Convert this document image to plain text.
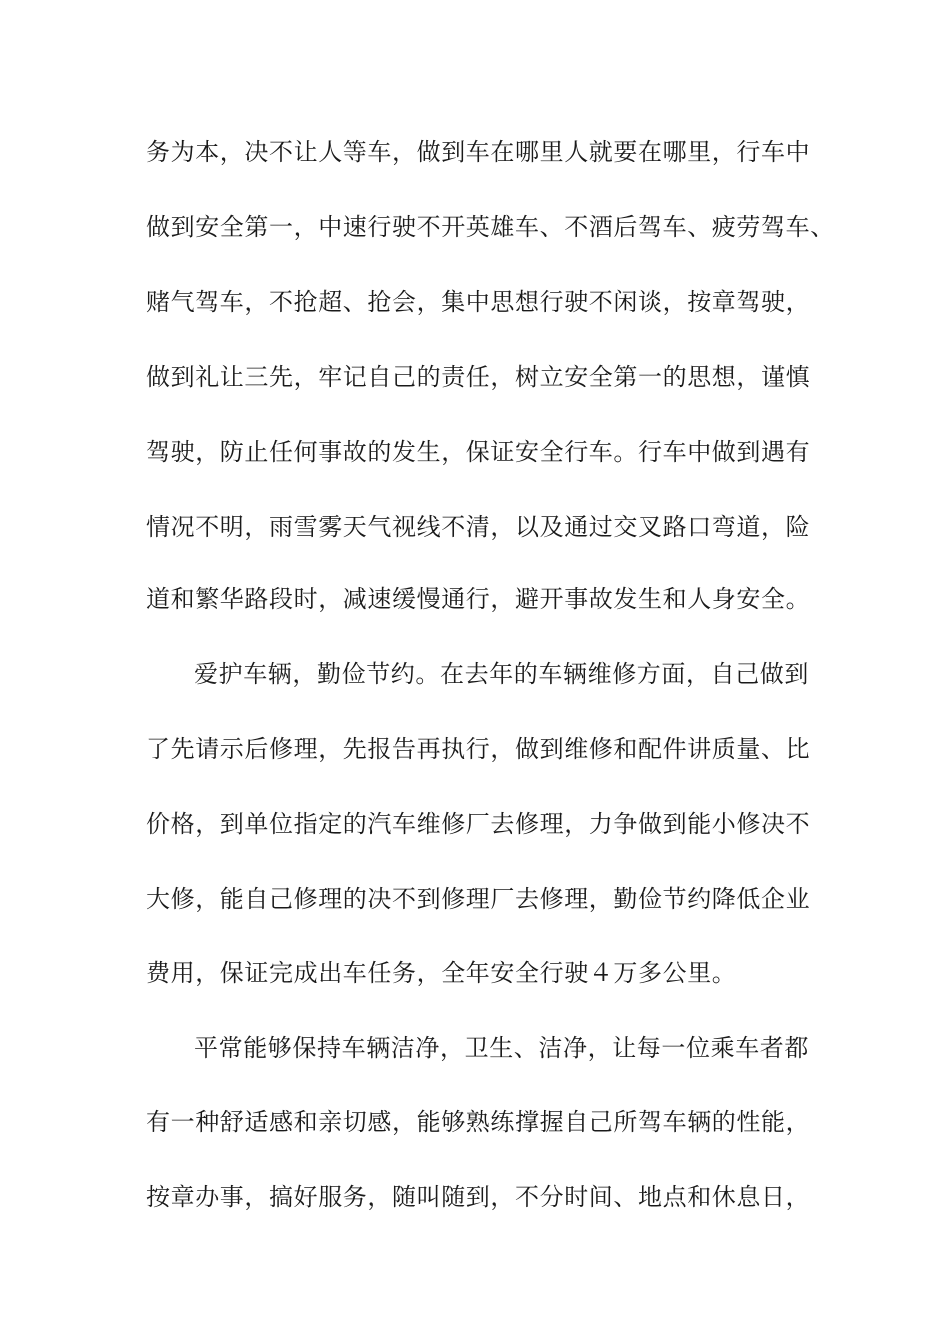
务为本，决不让人等车，做到车在哪里人就要在哪里，行车中
做到安全第一，中速行驶不开英雄车、不酒后驾车、疲劳驾车、
赌气驾车，不抢超、抢会，集中思想行驶不闲谈，按章驾驶，
做到礼让三先，牢记自己的责任，树立安全第一的思想，谨慎
驾驶，防止任何事故的发生，保证安全行车。行车中做到遇有
情况不明，雨雪雾天气视线不清，以及通过交叉路口弯道，险
道和繁华路段时，减速缓慢通行，避开事故发生和人身安全。
爱护车辆，勤俭节约。在去年的车辆维修方面，自己做到
了先请示后修理，先报告再执行，做到维修和配件讲质量、比
价格，到单位指定的汽车维修厂去修理，力争做到能小修决不
大修，能自己修理的决不到修理厂去修理，勤俭节约降低企业
费用，保证完成出车任务，全年安全行驶４万多公里。
平常能够保持车辆洁净，卫生、洁净，让每一位乘车者都
有一种舒适感和亲切感，能够熟练撑握自己所驾车辆的性能，
按章办事，搞好服务，随叫随到，不分时间、地点和休息日，
